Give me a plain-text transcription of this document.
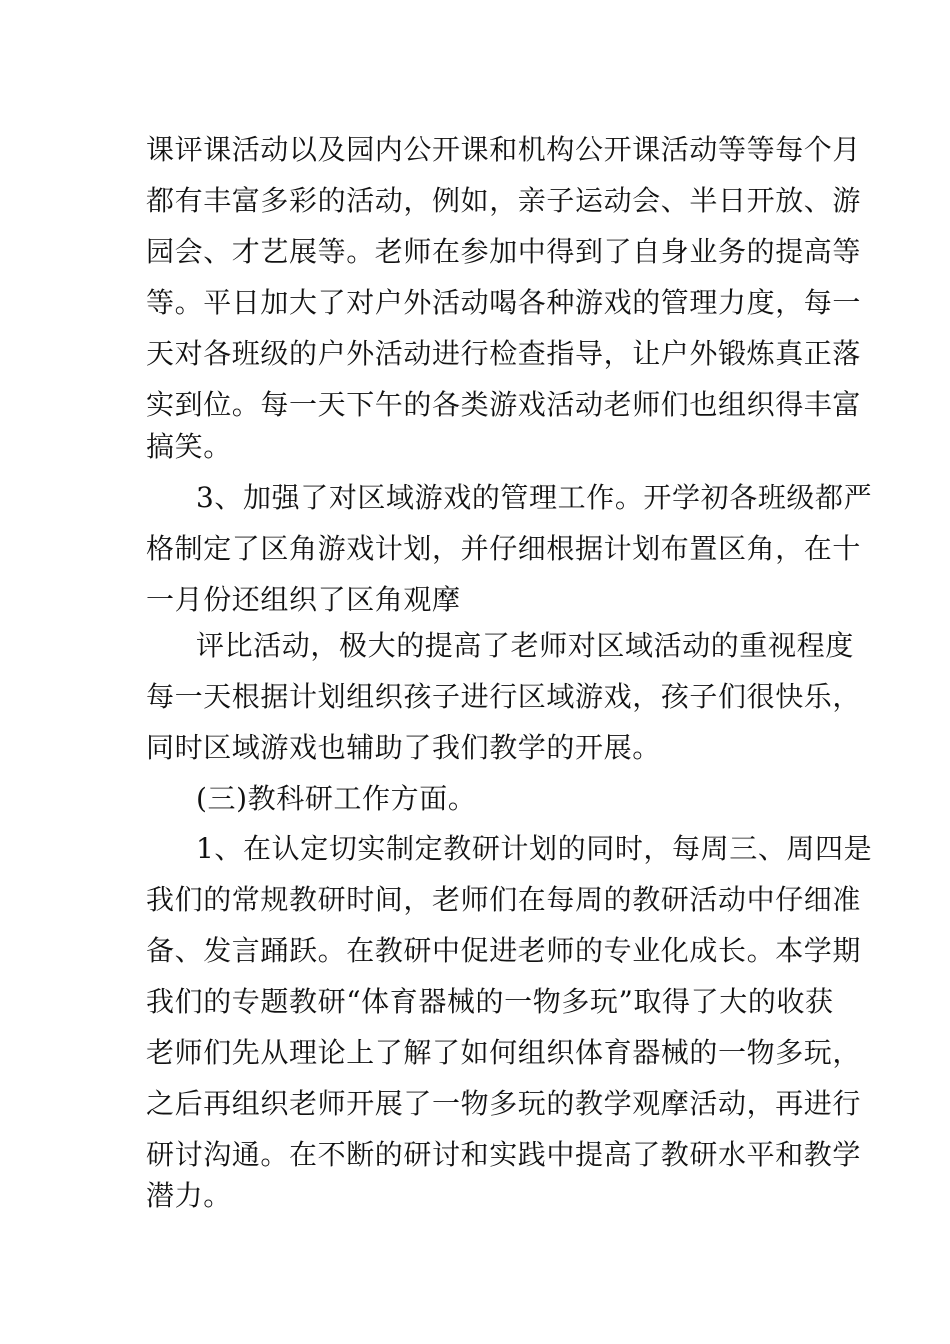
课评课活动以及园内公开课和机构公开课活动等等每个月
都有丰富多彩的活动，例如，亲子运动会、半日开放、游
园会、才艺展等。老师在参加中得到了自身业务的提高等
等。平日加大了对户外活动喝各种游戏的管理力度，每一
天对各班级的户外活动进行检查指导，让户外锻炼真正落
实到位。每一天下午的各类游戏活动老师们也组织得丰富
搞笑。
3、加强了对区域游戏的管理工作。开学初各班级都严
格制定了区角游戏计划，并仔细根据计划布置区角，在十
一月份还组织了区角观摩
评比活动，极大的提高了老师对区域活动的重视程度
每一天根据计划组织孩子进行区域游戏，孩子们很快乐，
同时区域游戏也辅助了我们教学的开展。
(三)教科研工作方面。
1、在认定切实制定教研计划的同时，每周三、周四是
我们的常规教研时间，老师们在每周的教研活动中仔细准
备、发言踊跃。在教研中促进老师的专业化成长。本学期
我们的专题教研“体育器械的一物多玩”取得了大的收获
老师们先从理论上了解了如何组织体育器械的一物多玩，
之后再组织老师开展了一物多玩的教学观摩活动，再进行
研讨沟通。在不断的研讨和实践中提高了教研水平和教学
潜力。
